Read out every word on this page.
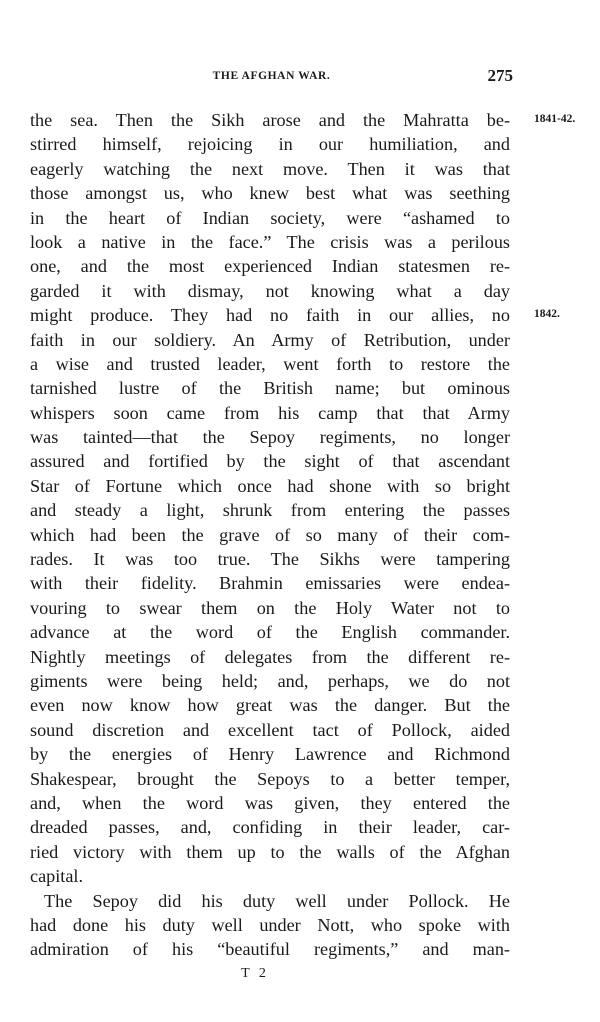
THE AFGHAN WAR.	275
1841-42.
1842.
the sea. Then the Sikh arose and the Mahratta be-
stirred himself, rejoicing in our humiliation, and
eagerly watching the next move. Then it was that
those amongst us, who knew best what was seething
in the heart of Indian society, were “ashamed to
look a native in the face.” The crisis was a perilous
one, and the most experienced Indian statesmen re-
garded it with dismay, not knowing what a day
might produce. They had no faith in our allies, no
faith in our soldiery. An Army of Retribution, under
a wise and trusted leader, went forth to restore the
tarnished lustre of the British name; but ominous
whispers soon came from his camp that that Army
was tainted—that the Sepoy regiments, no longer
assured and fortified by the sight of that ascendant
Star of Fortune which once had shone with so bright
and steady a light, shrunk from entering the passes
which had been the grave of so many of their com-
rades. It was too true. The Sikhs were tampering
with their fidelity. Brahmin emissaries were endea-
vouring to swear them on the Holy Water not to
advance at the word of the English commander.
Nightly meetings of delegates from the different re-
giments were being held; and, perhaps, we do not
even now know how great was the danger. But the
sound discretion and excellent tact of Pollock, aided
by the energies of Henry Lawrence and Richmond
Shakespear, brought the Sepoys to a better temper,
and, when the word was given, they entered the
dreaded passes, and, confiding in their leader, car-
ried victory with them up to the walls of the Afghan
capital.
The Sepoy did his duty well under Pollock. He
had done his duty well under Nott, who spoke with
admiration of his “beautiful regiments,” and man-
T 2
